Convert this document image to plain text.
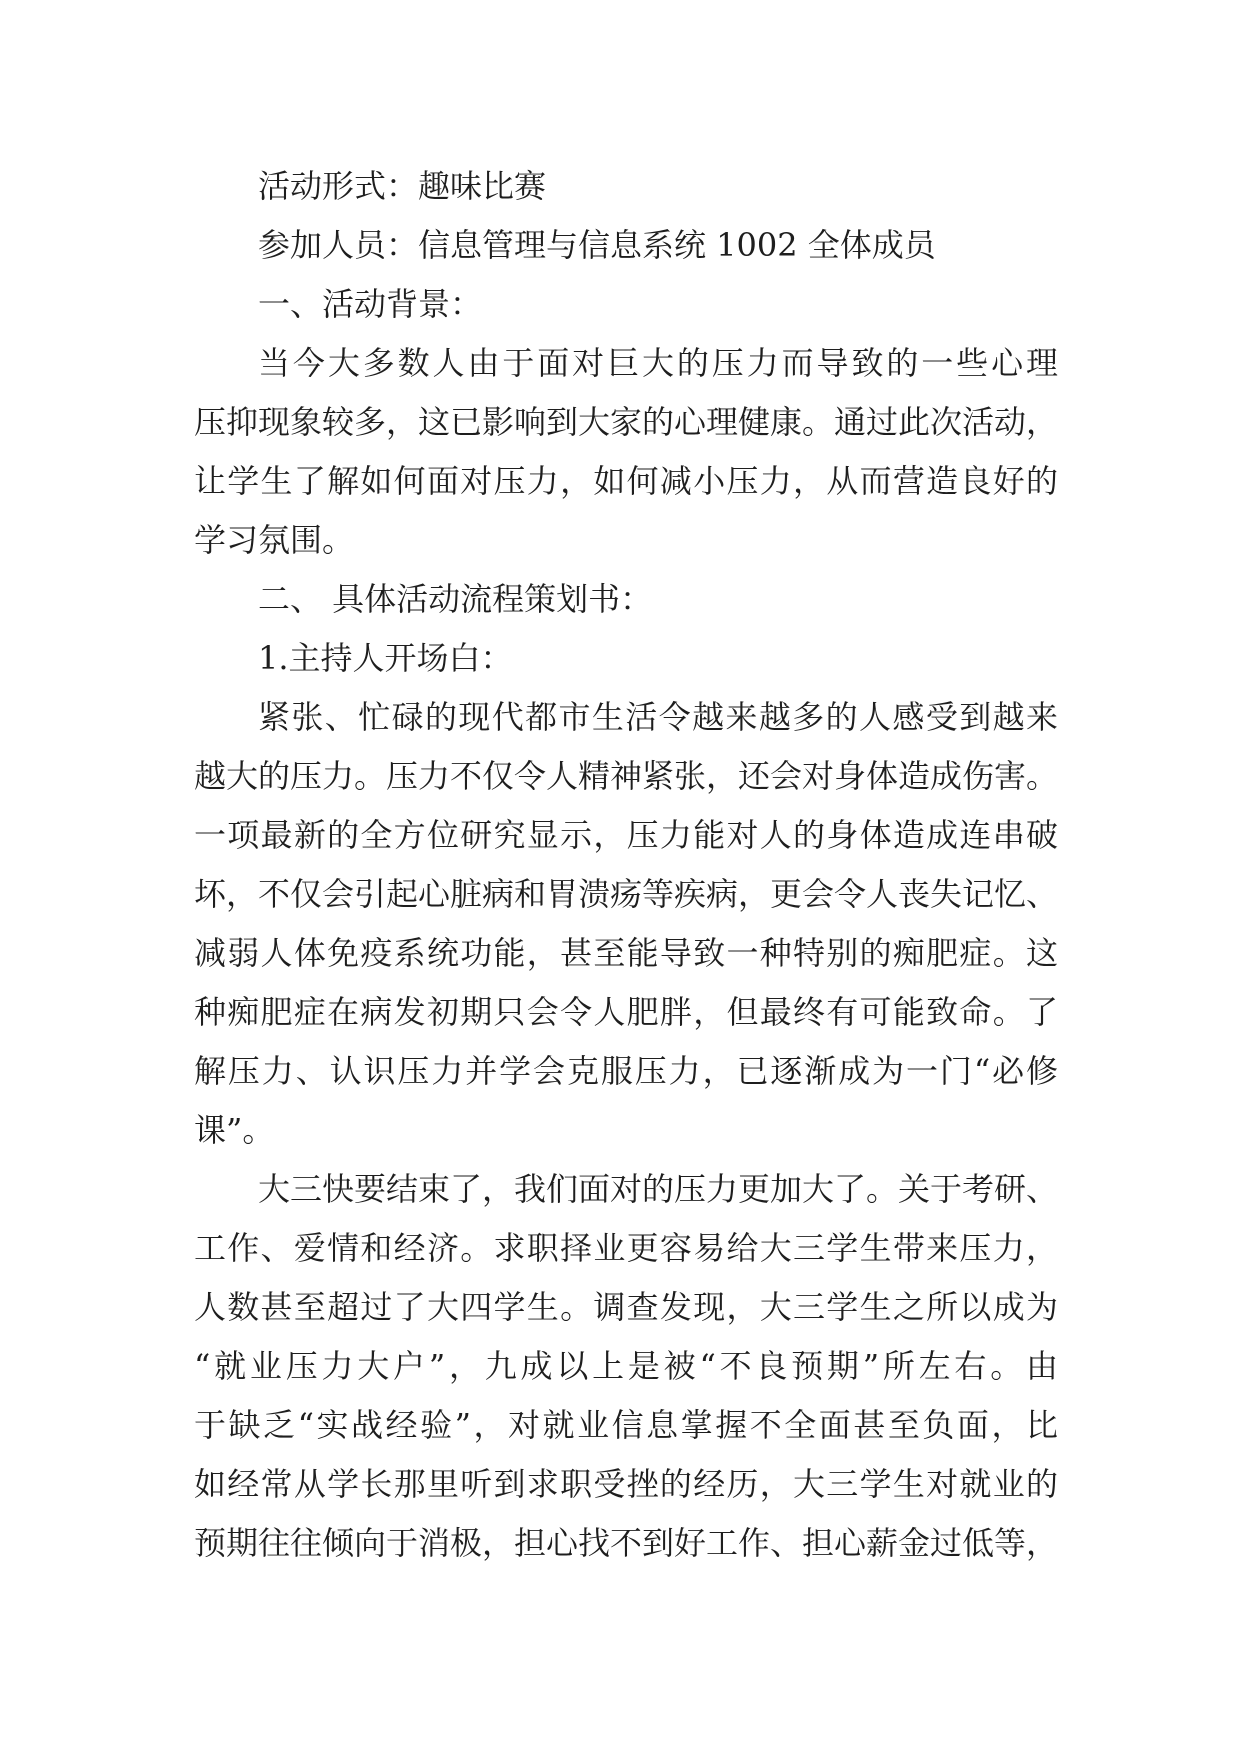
活动形式：趣味比赛
参加人员：信息管理与信息系统 1002 全体成员
一、活动背景：
当今大多数人由于面对巨大的压力而导致的一些心理
压抑现象较多，这已影响到大家的心理健康。通过此次活动，
让学生了解如何面对压力，如何减小压力，从而营造良好的
学习氛围。
二、 具体活动流程策划书：
1.主持人开场白：
紧张、忙碌的现代都市生活令越来越多的人感受到越来
越大的压力。压力不仅令人精神紧张，还会对身体造成伤害。
一项最新的全方位研究显示，压力能对人的身体造成连串破
坏，不仅会引起心脏病和胃溃疡等疾病，更会令人丧失记忆、
减弱人体免疫系统功能，甚至能导致一种特别的痴肥症。这
种痴肥症在病发初期只会令人肥胖，但最终有可能致命。了
解压力、认识压力并学会克服压力，已逐渐成为一门“必修
课”。
大三快要结束了，我们面对的压力更加大了。关于考研、
工作、爱情和经济。求职择业更容易给大三学生带来压力，
人数甚至超过了大四学生。调查发现，大三学生之所以成为
“就业压力大户”，九成以上是被“不良预期”所左右。由
于缺乏“实战经验”，对就业信息掌握不全面甚至负面，比
如经常从学长那里听到求职受挫的经历，大三学生对就业的
预期往往倾向于消极，担心找不到好工作、担心薪金过低等，
